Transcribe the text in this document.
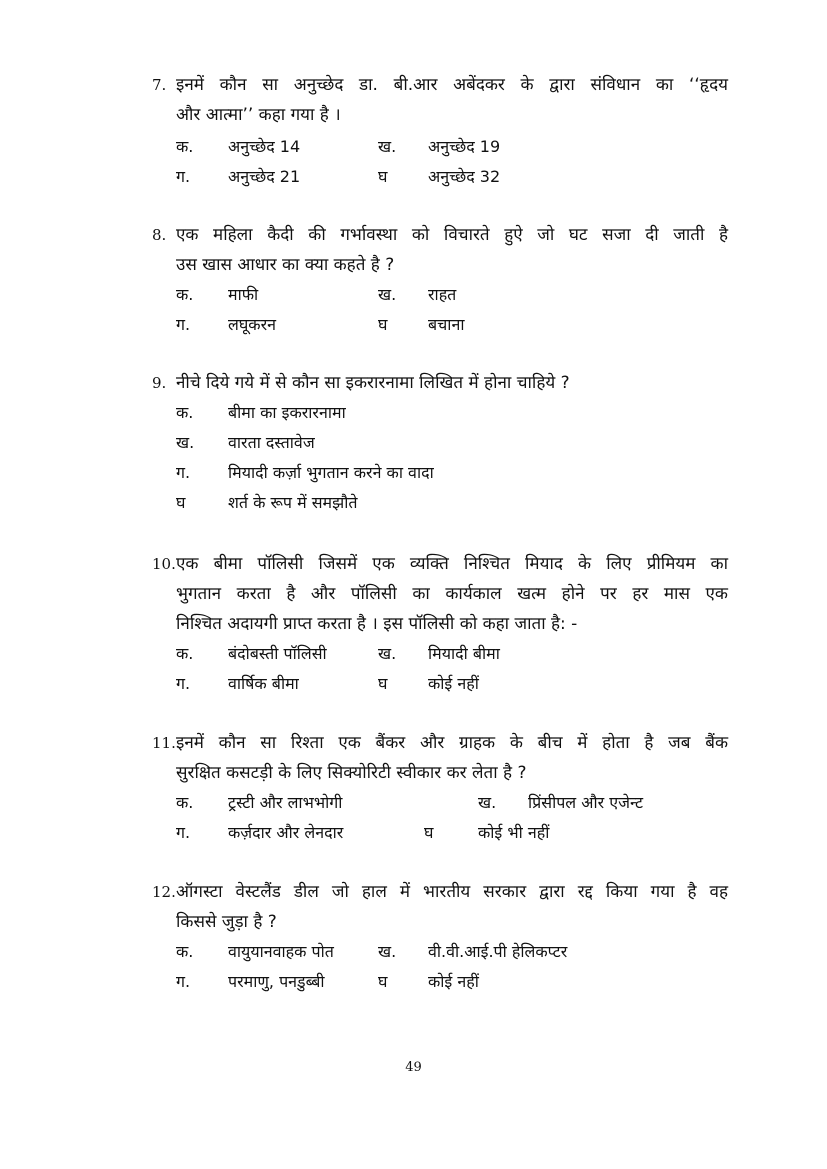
7. इनमें कौन सा अनुच्छेद डा. बी.आर अबेंदकर के द्वारा संविधान का ‘‘हृदय
और आत्मा’’ कहा गया है ।
क. अनुच्छेद 14	ख. अनुच्छेद 19
ग. अनुच्छेद 21	घ	अनुच्छेद 32
8. एक महिला कैदी की गर्भावस्था को विचारते हुऐ जो घट सजा दी जाती है
उस खास आधार का क्या कहते है ?
क. माफी	ख. राहत
ग. लघूकरन	घ	बचाना
9. नीचे दिये गये में से कौन सा इकरारनामा लिखित में होना चाहिये ?
क. बीमा का इकरारनामा
ख. वारता दस्तावेज
ग. मियादी कर्ज़ा भुगतान करने का वादा
घ	शर्त के रूप में समझौते
10. एक बीमा पॉलिसी जिसमें एक व्यक्ति निश्चित मियाद के लिए प्रीमियम का
भुगतान करता है और पॉलिसी का कार्यकाल खत्म होने पर हर मास एक
निश्चित अदायगी प्राप्त करता है । इस पॉलिसी को कहा जाता है: -
क. बंदोबस्ती पॉलिसी	ख. मियादी बीमा
ग. वार्षिक बीमा	घ	कोई नहीं
11. इनमें कौन सा रिश्ता एक बैंकर और ग्राहक के बीच में होता है जब बैंक
सुरक्षित कसटड़ी के लिए सिक्योरिटी स्वीकार कर लेता है ?
क. ट्रस्टी और लाभभोगी	ख. प्रिंसीपल और एजेन्ट
ग. कर्ज़दार और लेनदार	घ	कोई भी नहीं
12. ऑगस्टा वेस्टलैंड डील जो हाल में भारतीय सरकार द्वारा रद्द किया गया है वह
किससे जुड़ा है ?
क. वायुयानवाहक पोत	ख. वी.वी.आई.पी हेलिकप्टर
ग. परमाणु, पनडुब्बी	घ	कोई नहीं
49
